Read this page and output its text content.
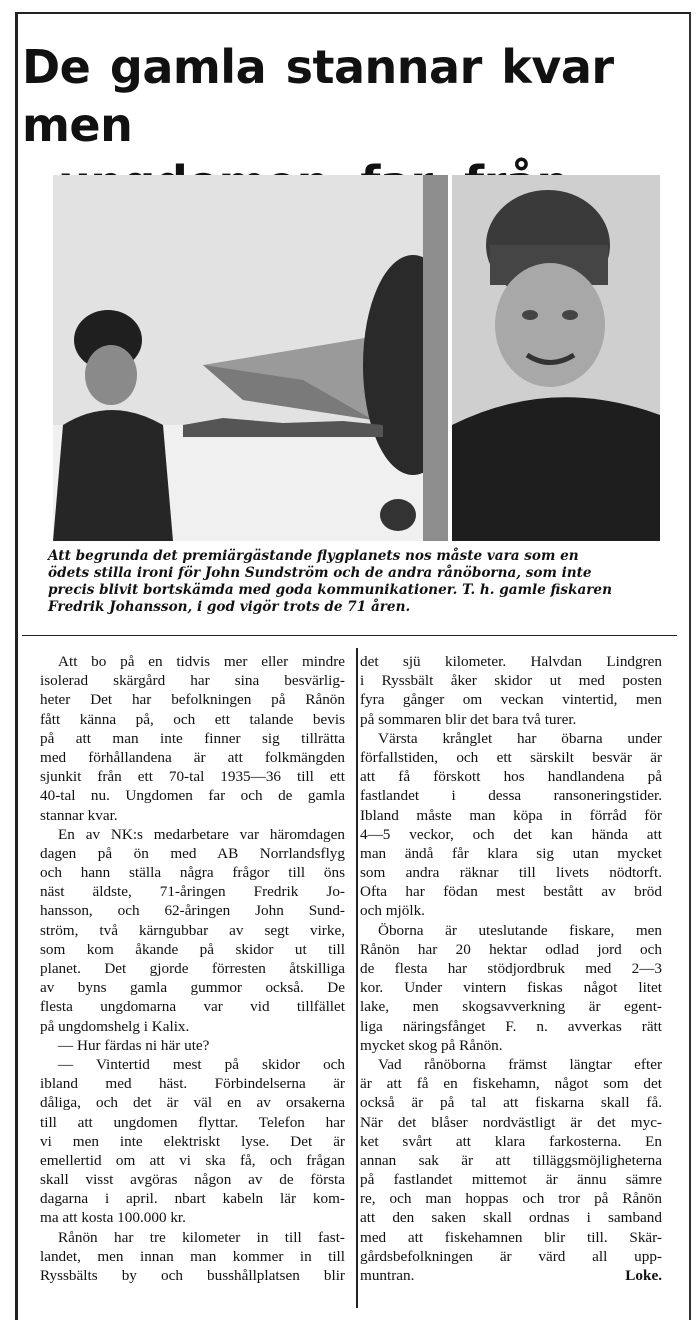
De gamla stannar kvar men
Att begrunda det premiärgästande flygplanets nos måste vara som en
ödets stilla ironi för John Sundström och de andra rånöborna, som inte
precis blivit bortskämda med goda kommunikationer. T. h. gamle fiskaren
Fredrik Johansson, i god vigör trots de 71 åren.
Att bo på en tidvis mer eller mindre
isolerad skärgård har sina besvärlig-
heter Det har befolkningen på Rånön
fått känna på, och ett talande bevis
på att man inte finner sig tillrätta
med förhållandena är att folkmängden
sjunkit från ett 70-tal 1935—36 till ett
40-tal nu. Ungdomen far och de gamla
stannar kvar.
En av NK:s medarbetare var häromdagen
dagen på ön med AB Norrlandsflyg
och hann ställa några frågor till öns
näst äldste, 71-åringen Fredrik Jo-
hansson, och 62-åringen John Sund-
ström, två kärngubbar av segt virke,
som kom åkande på skidor ut till
planet. Det gjorde förresten åtskilliga
av byns gamla gummor också. De
flesta ungdomarna var vid tillfället
på ungdomshelg i Kalix.
— Hur färdas ni här ute?
— Vintertid mest på skidor och
ibland med häst. Förbindelserna är
dåliga, och det är väl en av orsakerna
till att ungdomen flyttar. Telefon har
vi men inte elektriskt lyse. Det är
emellertid om att vi ska få, och frågan
skall visst avgöras någon av de första
dagarna i april. nbart kabeln lär kom-
ma att kosta 100.000 kr.
Rånön har tre kilometer in till fast-
landet, men innan man kommer in till
Ryssbälts by och busshållplatsen blir
det sjü kilometer. Halvdan Lindgren
i Ryssbält åker skidor ut med posten
fyra gånger om veckan vintertid, men
på sommaren blir det bara två turer.
Värsta krånglet har öbarna under
förfallstiden, och ett särskilt besvär är
att få förskott hos handlandena på
fastlandet i dessa ransoneringstider.
Ibland måste man köpa in förråd för
4—5 veckor, och det kan hända att
man ändå får klara sig utan mycket
som andra räknar till livets nödtorft.
Ofta har födan mest bestått av bröd
och mjölk.
Öborna är uteslutande fiskare, men
Rånön har 20 hektar odlad jord och
de flesta har stödjordbruk med 2—3
kor. Under vintern fiskas något litet
lake, men skogsavverkning är egent-
liga näringsfånget F. n. avverkas rätt
mycket skog på Rånön.
Vad rånöborna främst längtar efter
är att få en fiskehamn, något som det
också är på tal att fiskarna skall få.
När det blåser nordvästligt är det myc-
ket svårt att klara farkosterna. En
annan sak är att tilläggsmöjligheterna
på fastlandet mittemot är ännu sämre
re, och man hoppas och tror på Rånön
att den saken skall ordnas i samband
med att fiskehamnen blir till. Skär-
gårdsbefolkningen är värd all upp-
muntran.	Loke.
